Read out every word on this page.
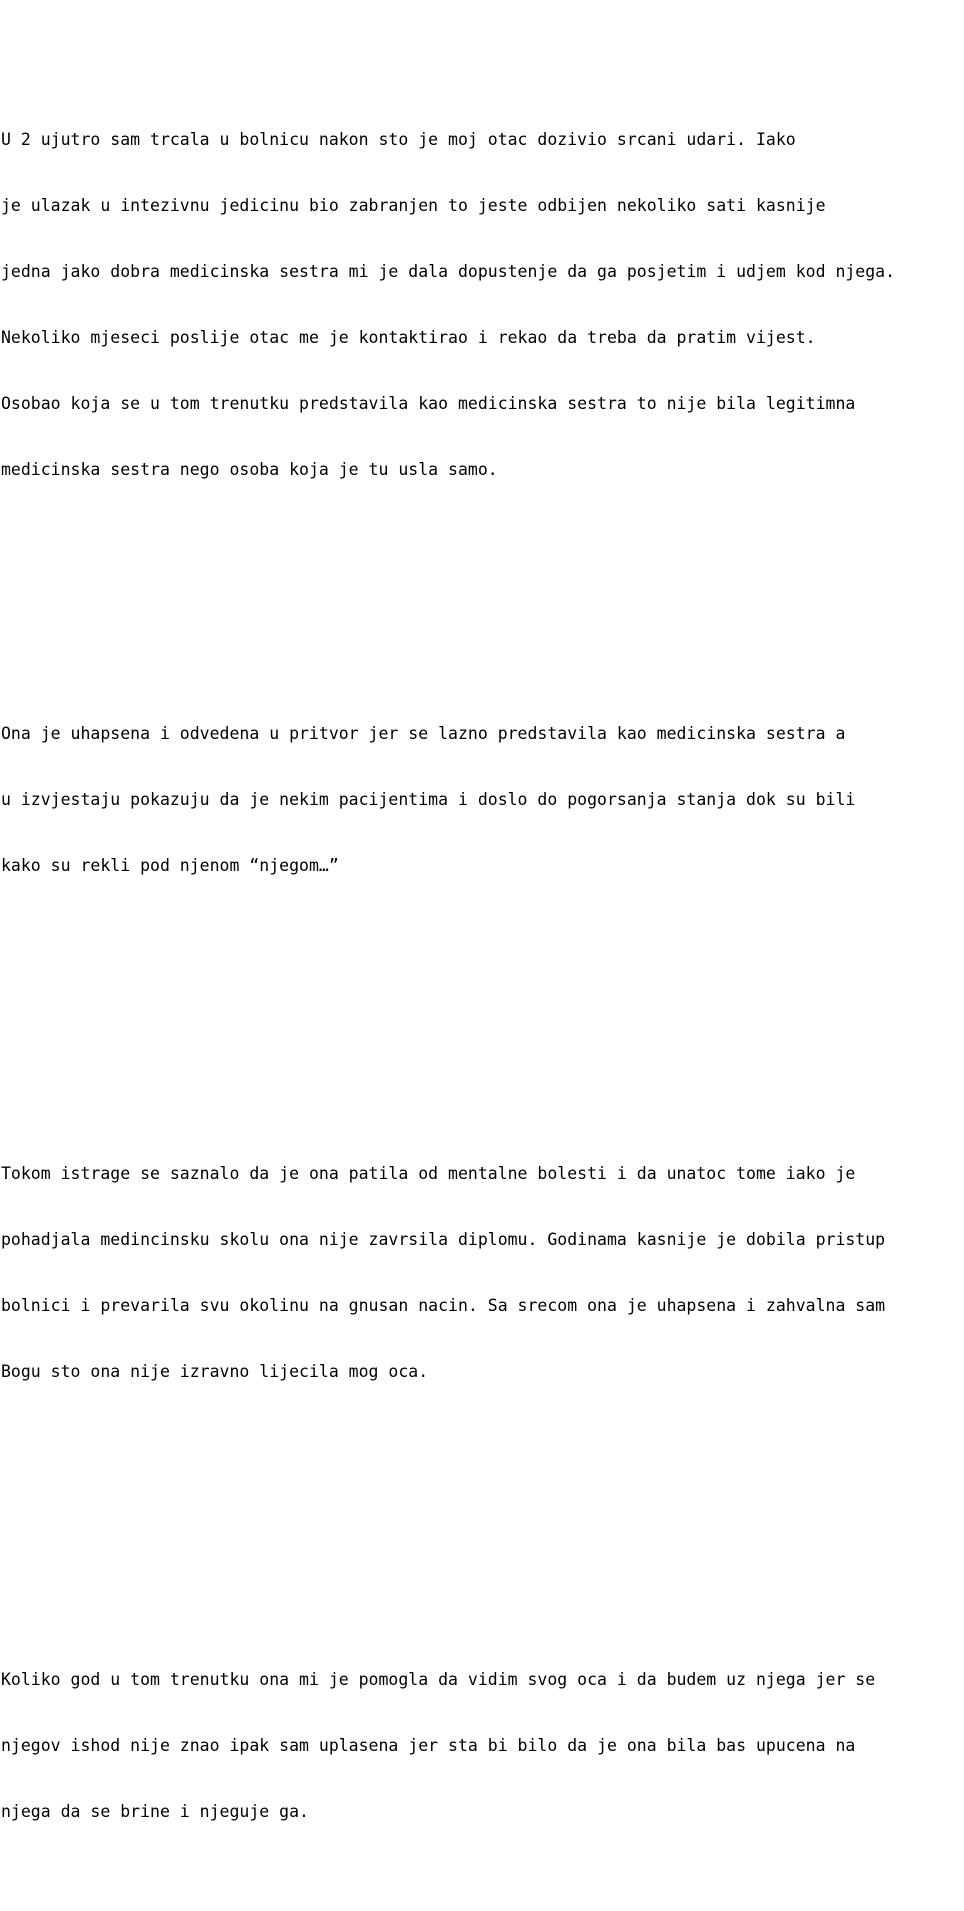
U 2 ujutro sam trcala u bolnicu nakon sto je moj otac dozivio srcani udari. Iako

je ulazak u intezivnu jedicinu bio zabranjen to jeste odbijen nekoliko sati kasnije

jedna jako dobra medicinska sestra mi je dala dopustenje da ga posjetim i udjem kod njega.

Nekoliko mjeseci poslije otac me je kontaktirao i rekao da treba da pratim vijest.

Osobao koja se u tom trenutku predstavila kao medicinska sestra to nije bila legitimna

medicinska sestra nego osoba koja je tu usla samo.

Ona je uhapsena i odvedena u pritvor jer se lazno predstavila kao medicinska sestra a

u izvjestaju pokazuju da je nekim pacijentima i doslo do pogorsanja stanja dok su bili

kako su rekli pod njenom “njegom…”

Tokom istrage se saznalo da je ona patila od mentalne bolesti i da unatoc tome iako je

pohadjala medincinsku skolu ona nije zavrsila diplomu. Godinama kasnije je dobila pristup

bolnici i prevarila svu okolinu na gnusan nacin. Sa srecom ona je uhapsena i zahvalna sam

Bogu sto ona nije izravno lijecila mog oca.

Koliko god u tom trenutku ona mi je pomogla da vidim svog oca i da budem uz njega jer se

njegov ishod nije znao ipak sam uplasena jer sta bi bilo da je ona bila bas upucena na

njega da se brine i njeguje ga.
